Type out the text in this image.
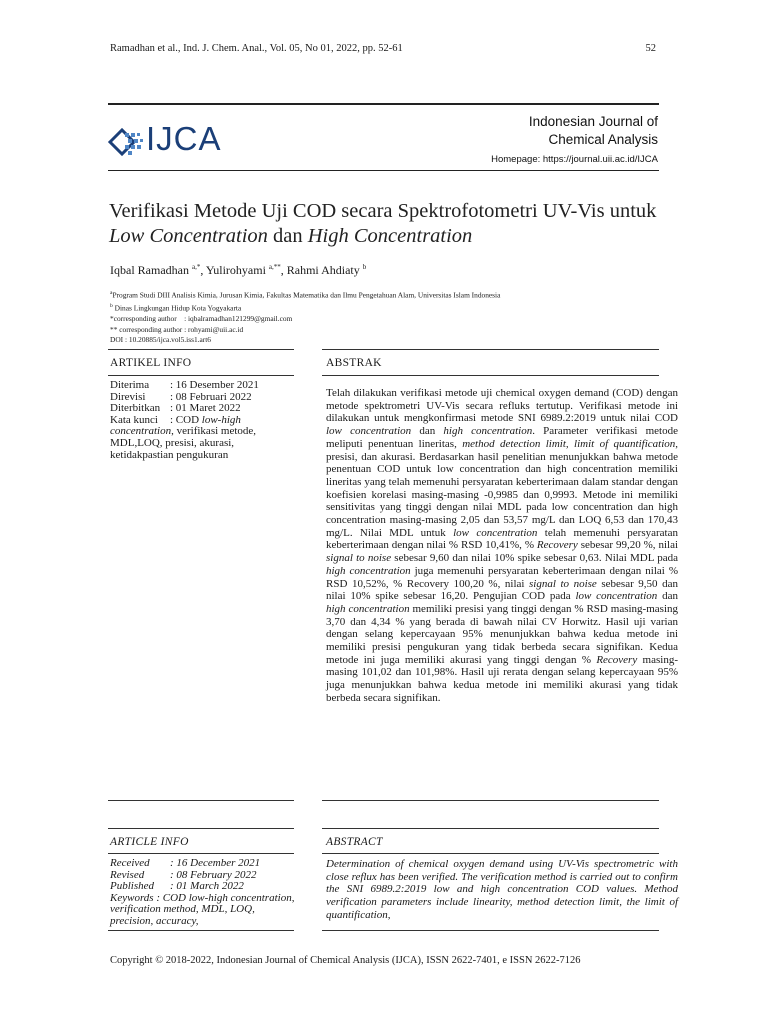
Ramadhan et al., Ind. J. Chem. Anal., Vol. 05, No 01, 2022, pp. 52-61	52
IJCA	Indonesian Journal of
Chemical Analysis
Homepage: https://journal.uii.ac.id/IJCA
Verifikasi Metode Uji COD secara Spektrofotometri UV-Vis untuk Low Concentration dan High Concentration
Iqbal Ramadhan $^{a,*}$, Yulirohyami $^{a,**}$, Rahmi Ahdiaty $^b$
$^a$Program Studi DIII Analisis Kimia, Jurusan Kimia, Fakultas Matematika dan Ilmu Pengetahuan Alam, Universitas Islam Indonesia
$^b$ Dinas Lingkungan Hidup Kota Yogyakarta
*corresponding author    : iqbalramadhan121299@gmail.com
** corresponding author : rohyami@uii.ac.id
DOI : 10.20885/ijca.vol5.iss1.art6
ARTIKEL INFO	ABSTRAK
Diterima	: 16 Desember 2021
Direvisi	: 08 Februari 2022
Diterbitkan : 01 Maret 2022
Kata kunci : COD low-high concentration, verifikasi metode, MDL,LOQ, presisi, akurasi, ketidakpastian pengukuran
Telah dilakukan verifikasi metode uji chemical oxygen demand (COD) dengan metode spektrometri UV-Vis secara refluks tertutup. Verifikasi metode ini dilakukan untuk mengkonfirmasi metode SNI 6989.2:2019 untuk nilai COD low concentration dan high concentration. Parameter verifikasi metode meliputi penentuan lineritas, method detection limit, limit of quantification, presisi, dan akurasi. Berdasarkan hasil penelitian menunjukkan bahwa metode penentuan COD untuk low concentration dan high concentration memiliki lineritas yang telah memenuhi persyaratan keberterimaan dalam standar dengan koefisien korelasi masing-masing -0,9985 dan 0,9993. Metode ini memiliki sensitivitas yang tinggi dengan nilai MDL pada low concentration dan high concentration masing-masing 2,05 dan 53,57 mg/L dan LOQ 6,53 dan 170,43 mg/L. Nilai MDL untuk low concentration telah memenuhi persyaratan keberterimaan dengan nilai % RSD 10,41%, % Recovery sebesar 99,20 %, nilai signal to noise sebesar 9,60 dan nilai 10% spike sebesar 0,63. Nilai MDL pada high concentration juga memenuhi persyaratan keberterimaan dengan nilai % RSD 10,52%, % Recovery 100,20 %, nilai signal to noise sebesar 9,50 dan nilai 10% spike sebesar 16,20. Pengujian COD pada low concentration dan high concentration memiliki presisi yang tinggi dengan % RSD masing-masing 3,70 dan 4,34 % yang berada di bawah nilai CV Horwitz. Hasil uji varian dengan selang kepercayaan 95% menunjukkan bahwa kedua metode ini memiliki presisi pengukuran yang tidak berbeda secara signifikan. Kedua metode ini juga memiliki akurasi yang tinggi dengan % Recovery masing-masing 101,02 dan 101,98%. Hasil uji rerata dengan selang kepercayaan 95% juga menunjukkan bahwa kedua metode ini memiliki akurasi yang tidak berbeda secara signifikan.
ARTICLE INFO	ABSTRACT
Received	: 16 December 2021
Revised	: 08 February 2022
Published	: 01 March 2022
Keywords : COD low-high concentration, verification method, MDL, LOQ, precision, accuracy,
Determination of chemical oxygen demand using UV-Vis spectrometric with close reflux has been verified. The verification method is carried out to confirm the SNI 6989.2:2019 low and high concentration COD values. Method verification parameters include linearity, method detection limit, the limit of quantification,
Copyright © 2018-2022, Indonesian Journal of Chemical Analysis (IJCA), ISSN 2622-7401, e ISSN 2622-7126
